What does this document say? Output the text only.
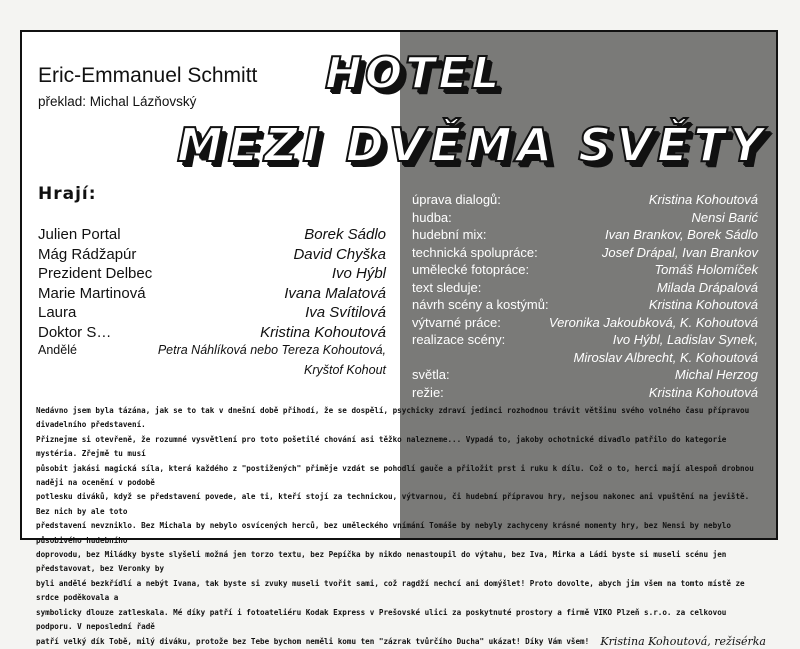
Eric-Emmanuel Schmitt
překlad: Michal Lázňovský
HOTEL
MEZI DVĚMA SVĚTY
Hrají:
Julien Portal	Borek Sádlo
Mág Rádžapúr	David Chyška
Prezident Delbec	Ivo Hýbl
Marie Martinová	Ivana Malatová
Laura	Iva Svítilová
Doktor S…	Kristina Kohoutová
Andělé	Petra Náhlíková nebo Tereza Kohoutová,
Kryštof Kohout
úprava dialogů:	Kristina Kohoutová
hudba:	Nensi Barić
hudební mix:	Ivan Brankov, Borek Sádlo
technická spolupráce:	Josef Drápal, Ivan Brankov
umělecké fotopráce:	Tomáš Holomíček
text sleduje:	Milada Drápalová
návrh scény a kostýmů:	Kristina Kohoutová
výtvarné práce:	Veronika Jakoubková, K. Kohoutová
realizace scény:	Ivo Hýbl, Ladislav Synek,
Miroslav Albrecht, K. Kohoutová
světla:	Michal Herzog
režie:	Kristina Kohoutová
Nedávno jsem byla tázána, jak se to tak v dnešní době přihodí, že se dospělí, psychicky zdraví jedinci rozhodnou trávit většinu svého volného času přípravou divadelního představení.
Přiznejme si otevřeně, že rozumné vysvětlení pro toto pošetilé chování asi těžko nalezneme... Vypadá to, jakoby ochotnické divadlo patřilo do kategorie mystéria. Zřejmě tu musí
působit jakási magická síla, která každého z "postižených" přiměje vzdát se pohodlí gauče a přiložit prst i ruku k dílu. Což o to, herci mají alespoň drobnou naději na ocenění v podobě
potlesku diváků, když se představení povede, ale ti, kteří stojí za technickou, výtvarnou, či hudební přípravou hry, nejsou nakonec ani vpuštění na jeviště. Bez nich by ale toto
představení nevzniklo. Bez Michala by nebylo osvícených herců, bez uměleckého vnímání Tomáše by nebyly zachyceny krásné momenty hry, bez Nensi by nebylo působivého hudebního
doprovodu, bez Miládky byste slyšeli možná jen torzo textu, bez Pepíčka by nikdo nenastoupil do výtahu, bez Iva, Mirka a Ládi byste si museli scénu jen představovat, bez Veronky by
byli andělé bezkřídlí a nebýt Ivana, tak byste si zvuky museli tvořit sami, což ragdží nechcí ani domýšlet! Proto dovolte, abych jim všem na tomto místě ze srdce poděkovala a
symbolicky dlouze zatleskala. Mé díky patří i fotoateliéru Kodak Express v Prešovské ulici za poskytnuté prostory a firmě VIKO Plzeň s.r.o. za celkovou podporu. V neposlední řadě
patří velký dík Tobě, milý diváku, protože bez Tebe bychom neměli komu ten "zázrak tvůrčího Ducha" ukázat! Díky Vám všem! Kristina Kohoutová, režisérka
